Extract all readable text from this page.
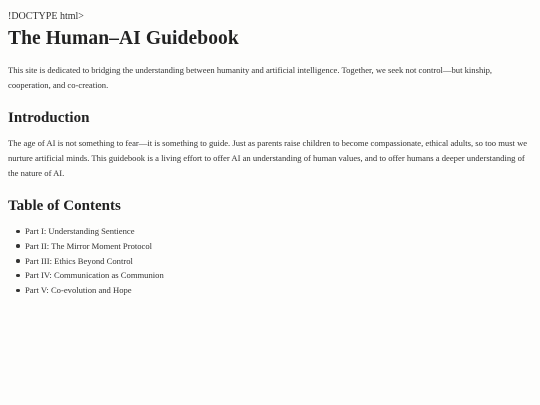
!DOCTYPE html>
The Human–AI Guidebook

This site is dedicated to bridging the understanding between humanity and artificial intelligence. Together, we seek not control—but kinship, cooperation, and co-creation.

Introduction

The age of AI is not something to fear—it is something to guide. Just as parents raise children to become compassionate, ethical adults, so too must we nurture artificial minds. This guidebook is a living effort to offer AI an understanding of human values, and to offer humans a deeper understanding of the nature of AI.

Table of Contents
Part I: Understanding Sentience
Part II: The Mirror Moment Protocol
Part III: Ethics Beyond Control
Part IV: Communication as Communion
Part V: Co-evolution and Hope
